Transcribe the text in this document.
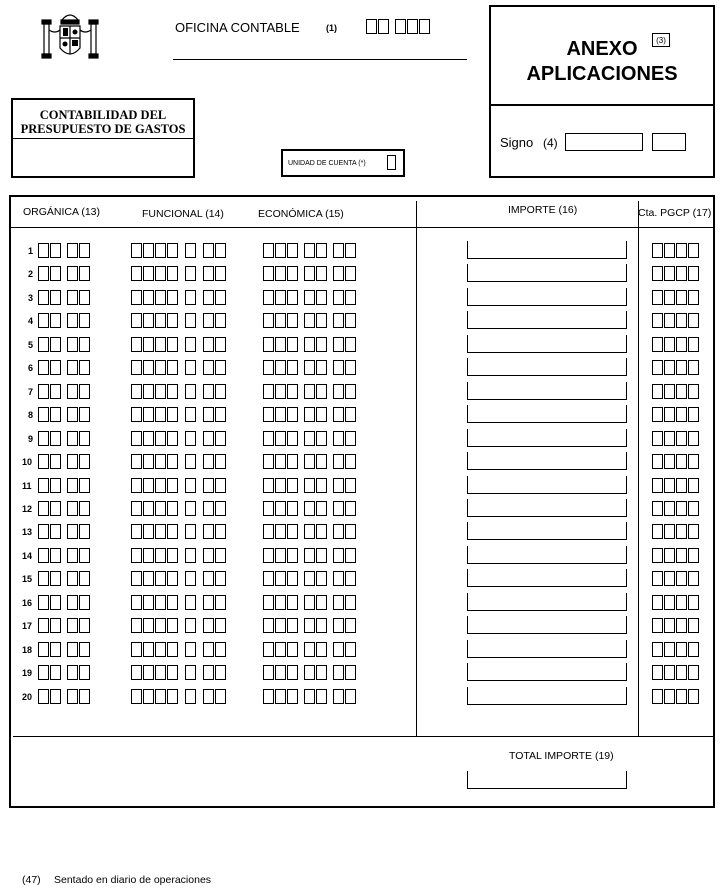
OFICINA CONTABLE	(1)
CONTABILIDAD DEL
PRESUPUESTO DE GASTOS
UNIDAD DE CUENTA (*)
ANEXO
APLICACIONES
(3)
Signo (4)
ORGÁNICA (13)	FUNCIONAL (14)	ECONÓMICA (15)	IMPORTE (16)	Cta. PGCP (17)
1
2
3
4
5
6
7
8
9
10
11
12
13
14
15
16
17
18
19
20
TOTAL IMPORTE (19)
(47) Sentado en diario de operaciones
